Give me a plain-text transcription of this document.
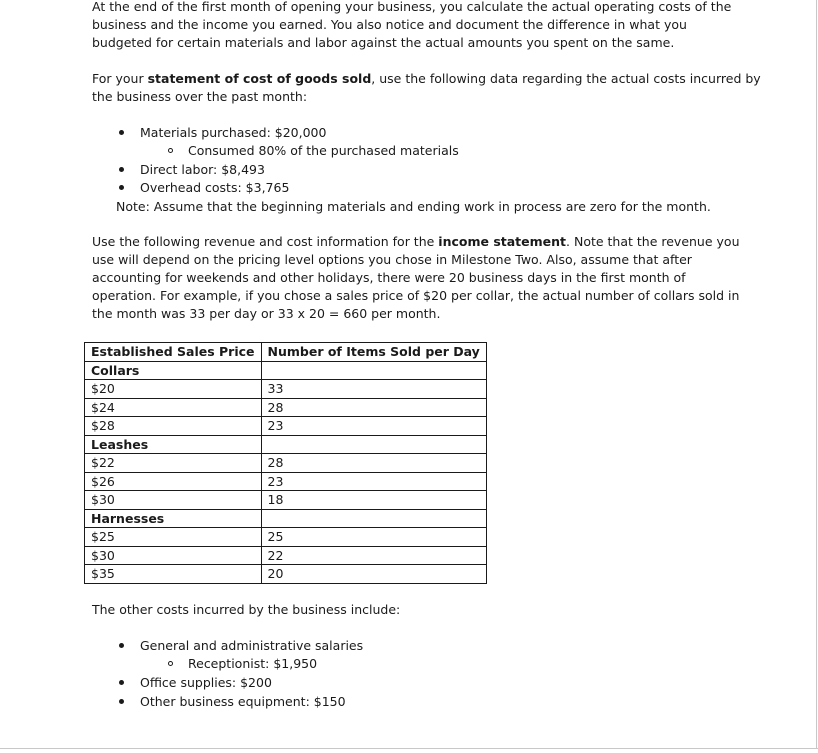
At the end of the first month of opening your business, you calculate the actual operating costs of the
business and the income you earned. You also notice and document the difference in what you
budgeted for certain materials and labor against the actual amounts you spent on the same.
For your statement of cost of goods sold, use the following data regarding the actual costs incurred by
the business over the past month:
Materials purchased: $20,000
Consumed 80% of the purchased materials
Direct labor: $8,493
Overhead costs: $3,765
Note: Assume that the beginning materials and ending work in process are zero for the month.
Use the following revenue and cost information for the income statement. Note that the revenue you
use will depend on the pricing level options you chose in Milestone Two. Also, assume that after
accounting for weekends and other holidays, there were 20 business days in the first month of
operation. For example, if you chose a sales price of $20 per collar, the actual number of collars sold in
the month was 33 per day or 33 x 20 = 660 per month.
Established Sales Price	Number of Items Sold per Day
Collars	
$20	33
$24	28
$28	23
Leashes	
$22	28
$26	23
$30	18
Harnesses	
$25	25
$30	22
$35	20
The other costs incurred by the business include:
General and administrative salaries
Receptionist: $1,950
Office supplies: $200
Other business equipment: $150
